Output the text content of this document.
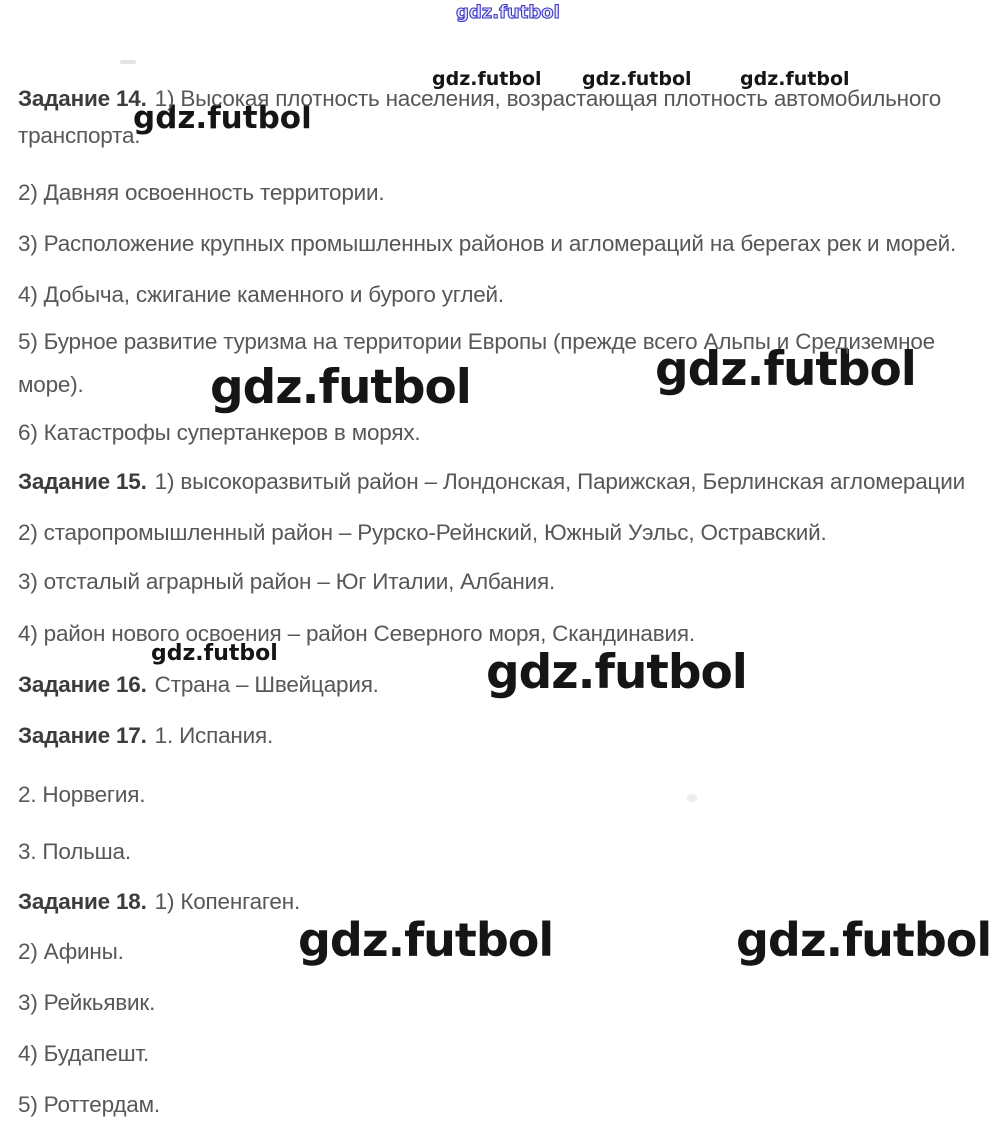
gdz.futbol
gdz.futbol gdz.futbol	gdz.futbol
gdz.futbol
gdz.futbol	gdz.futbol
gdz.futbol	gdz.futbol
gdz.futbol	gdz.futbol
Задание 14. 1) Высокая плотность населения, возрастающая плотность автомобильного
транспорта.
2) Давняя освоенность территории.
3) Расположение крупных промышленных районов и агломераций на берегах рек и морей.
4) Добыча, сжигание каменного и бурого углей.
5) Бурное развитие туризма на территории Европы (прежде всего Альпы и Средиземное
море).
6) Катастрофы супертанкеров в морях.
Задание 15. 1) высокоразвитый район – Лондонская, Парижская, Берлинская агломерации
2) старопромышленный район – Рурско-Рейнский, Южный Уэльс, Остравский.
3) отсталый аграрный район – Юг Италии, Албания.
4) район нового освоения – район Северного моря, Скандинавия.
Задание 16. Страна – Швейцария.
Задание 17. 1. Испания.
2. Норвегия.
3. Польша.
Задание 18. 1) Копенгаген.
2) Афины.
3) Рейкьявик.
4) Будапешт.
5) Роттердам.
